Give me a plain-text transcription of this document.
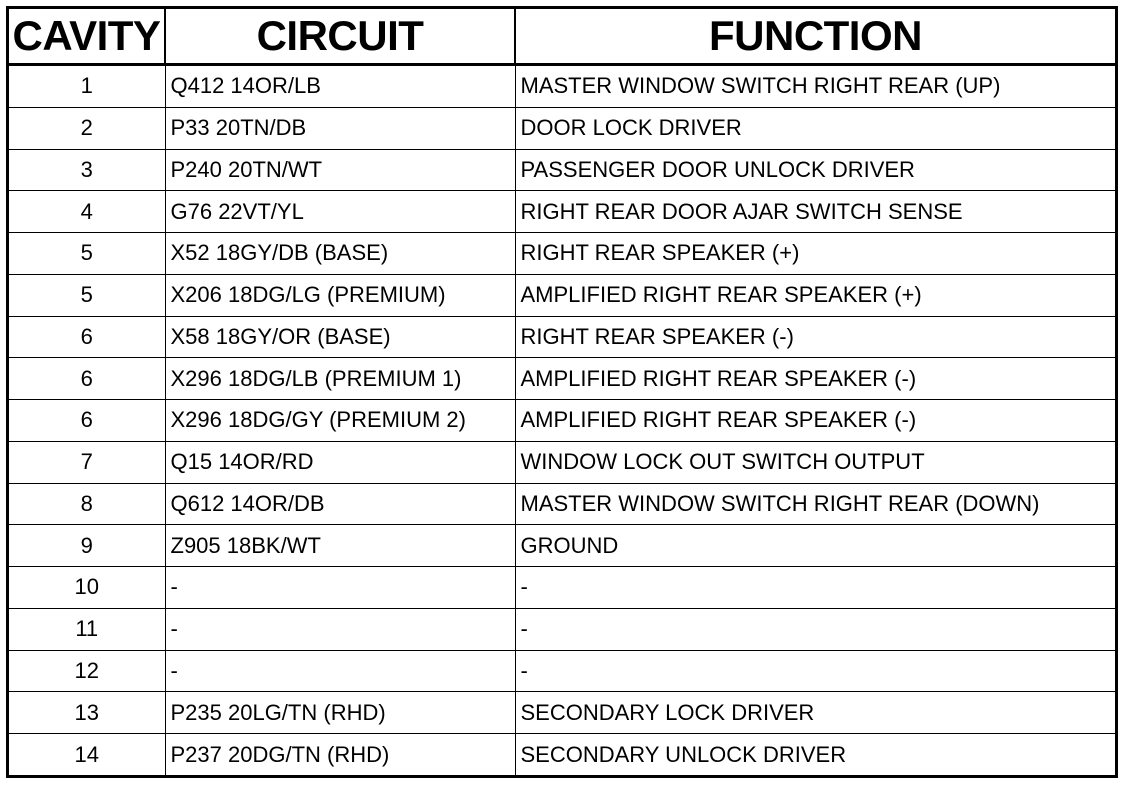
CAVITY	CIRCUIT	FUNCTION
1	Q412 14OR/LB	MASTER WINDOW SWITCH RIGHT REAR (UP)
2	P33 20TN/DB	DOOR LOCK DRIVER
3	P240 20TN/WT	PASSENGER DOOR UNLOCK DRIVER
4	G76 22VT/YL	RIGHT REAR DOOR AJAR SWITCH SENSE
5	X52 18GY/DB (BASE)	RIGHT REAR SPEAKER (+)
5	X206 18DG/LG (PREMIUM)	AMPLIFIED RIGHT REAR SPEAKER (+)
6	X58 18GY/OR (BASE)	RIGHT REAR SPEAKER (-)
6	X296 18DG/LB (PREMIUM 1)	AMPLIFIED RIGHT REAR SPEAKER (-)
6	X296 18DG/GY (PREMIUM 2)	AMPLIFIED RIGHT REAR SPEAKER (-)
7	Q15 14OR/RD	WINDOW LOCK OUT SWITCH OUTPUT
8	Q612 14OR/DB	MASTER WINDOW SWITCH RIGHT REAR (DOWN)
9	Z905 18BK/WT	GROUND
10	-	-
11	-	-
12	-	-
13	P235 20LG/TN (RHD)	SECONDARY LOCK DRIVER
14	P237 20DG/TN (RHD)	SECONDARY UNLOCK DRIVER
